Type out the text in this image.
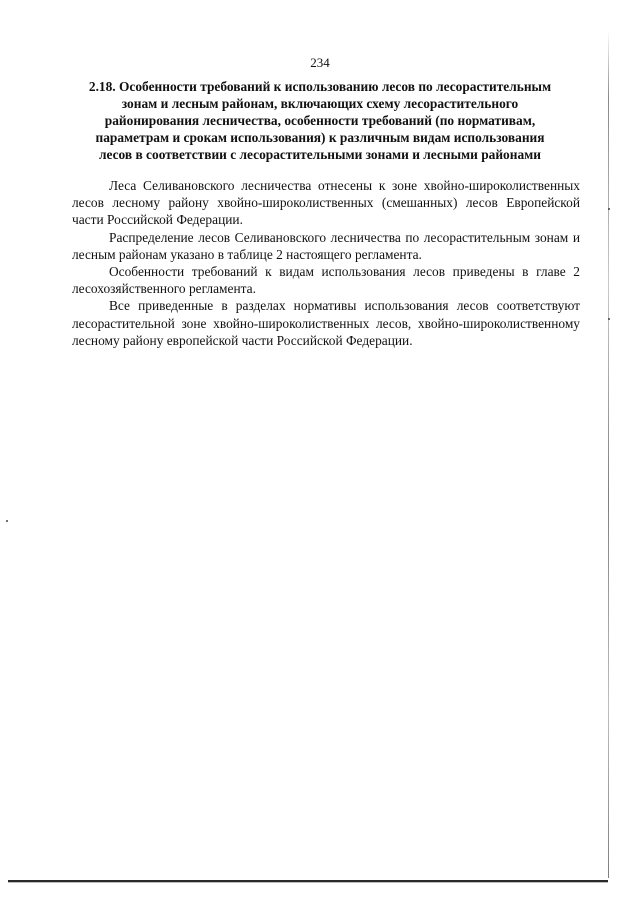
234
2.18. Особенности требований к использованию лесов по лесорастительным
зонам и лесным районам, включающих схему лесорастительного
районирования лесничества, особенности требований (по нормативам,
параметрам и срокам использования) к различным видам использования
лесов в соответствии с лесорастительными зонами и лесными районами

Леса Селивановского лесничества отнесены к зоне хвойно-широколиственных лесов лесному району хвойно-широколиственных (смешанных) лесов Европейской части Российской Федерации.

Распределение лесов Селивановского лесничества по лесорастительным зонам и лесным районам указано в таблице 2 настоящего регламента.

Особенности требований к видам использования лесов приведены в главе 2 лесохозяйственного регламента.

Все приведенные в разделах нормативы использования лесов соответствуют лесорастительной зоне хвойно-широколиственных лесов, хвойно-широколиственному лесному району европейской части Российской Федерации.
